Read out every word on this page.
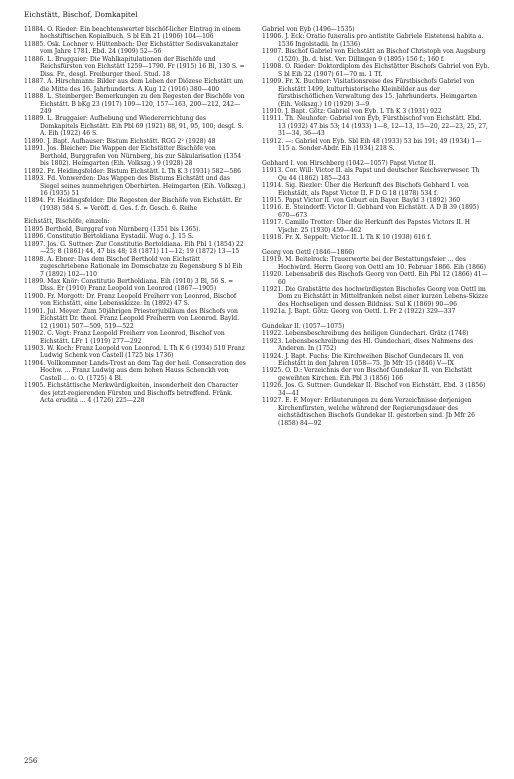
Eichstätt, Bischof, Domkapitel

11884. O. Rieder: Ein beachtenswerter bischöf-licher Eintrag in einem hochstiftischen Kopialbuch. S bl Eih 21 (1906) 104—106

11885. Osk. Lochner v. Hüttenbach: Der Eichstätter Sedisvakanztaler vom Jahre 1781. Ebd. 24 (1909) 52—56

11886. L. Bruggaier: Die Wahlkapitulationen der Bischöfe und Reichsfürsten von Eichstätt 1259—1790. Fr (1915) 16 Bl, 130 S. = Diss. Fr., desgl. Freiburger theol. Stud. 18

11887. A. Hirschmann: Bilder aus dem Leben der Diözese Eichstätt um die Mitte des 16. Jahrhunderts. A Kug 12 (1916) 380—400

11888. L. Steinberger: Bemerkungen zu den Regesten der Bischöfe von Eichstätt. B bKg 23 (1917) 109—120, 157—163, 200—212, 242—249

11889. L. Bruggaier: Aufhebung und Wiedererrichtung des Domkapitels Eichstätt. Eih Pbl 69 (1921) 88, 91, 95, 100; desgl. S. A. Eih (1922) 46 S.

11890. J. Bapt. Aufhauser: Bistum Eichstätt. RGG 2² (1928) 48

11891. Jos. Bleicher: Die Wappen der Eichstätter Bischöfe von Berthold, Burggrafen von Nürnberg, bis zur Säkularisation (1354 bis 1802). Heimgarten (Eih. Volkszg.) 9 (1928) 28

11892. Fr. Heidingsfelder: Bistum Eichstätt. L Th K 3 (1931) 582—586

11893. Fd. Vonwerden: Das Wappen des Bistums Eichstätt und das Siegel seines nunmehrigen Oberhirten. Heimgarten (Eih. Volkszg.) 16 (1935) 51

11894. Fr. Heidingsfelder: Die Regesten der Bischöfe von Eichstätt. Er (1938) 584 S. = Veröff. d. Ges. f. fr. Gesch. 6. Reihe

Eichstätt, Bischöfe, einzeln:

11895 Berthold, Burggraf von Nürnberg (1351 bis 1365).

11896. Constitutio Bertoldiana Eystadii. Wug o. J. 15 S.

11897. Jos. G. Suttner: Zur Constitutio Bertoldiana. Eih Pbl 1 (1854) 22—25; 8 (1861) 44, 47 bis 48; 18 (1871) 11—12; 19 (1872) 13—15

11898. A. Ebner: Das dem Bischof Berthold von Eichstätt zugeschriebene Rationale im Domschatze zu Regensburg S bl Eih 7 (1892) 102—110

11899. Max Knör: Constitutio Bertholdiana. Eih (1910) 3 Bl, 56 S. = Diss. Er (1910) Franz Leopold von Leonrod (1867—1905)

11900. Fr. Morgott: Dr. Franz Leopold Freiherr von Leonrod, Bischof von Eichstätt, eine Lebensskizze. In (1892) 47 S.

11901. Jul. Meyer: Zum 50jährigen Priesterjubiläum des Bischofs von Eichstätt Dr. theol. Franz Leopold Freiherrn von Leonrod. Bayld. 12 (1901) 507—509, 519—522

11902. C. Vogt: Franz Leopold Freiherr von Leonrod, Bischof von Eichstätt. LFr 1 (1919) 277—292

11903. W. Koch: Franz Leopold von Leonrod. L Th K 6 (1934) 510 Franz Ludwig Schenk von Castell (1725 bis 1736)

11904. Vollkommner Lands-Trost an dem Tag der heil. Consecration des Hochw. ... Franz Ludwig aus dem hohen Hauss Schenckh von Castell ... o. O. (1725) 4 Bl.

11905. Eichstättische Merkwürdigkeiten, insonderheit den Character des jetzt-regierenden Fürsten und Bischoffs betreffend. Fränk. Acta erudita ... 4 (1726) 225—228

Gabriel von Eyb (1496—1535)

11906. J. Eck: Oratio funeralis pro antistite Gabriele Eistetensi habita a. 1536 Ingolstadii. In (1536)

11907. Bischof Gabriel von Eichstätt an Bischof Christoph von Augsburg (1520). Jb. d. hist. Ver. Dillingen 9 (1895) 156 f.; 160 f.

11908. O. Rieder: Doktordiplom des Eichstätter Bischofs Gabriel von Eyb. S bl Eih 22 (1907) 61—70 m. 1 Tf.

11909. Fr. X. Buchner: Visitationsreise des Fürstbischofs Gabriel von Eichstätt 1499, kulturhistorische Kleinbilder aus der fürstbischöflichen Verwaltung des 15. Jahrhunderts. Heimgarten (Eih. Volkszg.) 10 (1929) 3—9

11910. J. Bapt. Götz: Gabriel von Eyb. L Th K 3 (1931) 922

11911. Th. Neuhofer: Gabriel von Eyb, Fürstbischof von Eichstätt. Ebd. 13 (1932) 47 bis 53; 14 (1933) 1—8, 12—13, 15—20, 22—23, 25, 27, 31—34, 36—43

11912. —: Gabriel von Eyb. Sbl Eih 48 (1933) 53 bis 191; 49 (1934) 1—115 a. Sonder-Abdr. Eih (1934) 218 S.

Gebhard I. von Hirschberg (1042—1057) Papst Victor II.

11913. Cor. Will: Victor II. als Papst und deutscher Reichsverweser. Th Qu 44 (1862) 185—243

11914. Sig. Riezler: Über die Herkunft des Bischofs Gebhard I. von Eichstädt, als Papst Victor II. F D G 18 (1878) 534 f.

11915. Papst Victor II. von Geburt ein Bayer. Bayld 3 (1892) 360

11916. E. Steindorff: Victor II. Gebhard von Eichstätt. A D B 39 (1895) 670—673

11917. Camillo Trotter: Über die Herkunft des Papstes Victors II. H Vjschr. 25 (1930) 459—462

11918. Fr. X. Seppelt: Victor II. L Th K 10 (1938) 616 f.

Georg von Oettl (1846—1866)

11919. M. Beitelrock: Trauerworte bei der Bestattungsfeier ... des Hochwürd. Herrn Georg von Oettl am 10. Februar 1866. Eih (1866)

11920. Lebensabriß des Bischofs Georg von Oettl. Eih Pbl 12 (1866) 41—60

11921. Die Grabstätte des hochwürdigsten Bischofes Georg von Oettl im Dom zu Eichstätt in Mittelfranken nebst einer kurzen Lebens-Skizze des Hochseligen und dessen Bildniss. Sul K (1869) 90—96

11921a. J. Bapt. Götz: Georg von Oettl. L Fr 2 (1922) 329—337

Gundekar II. (1057—1075)

11922. Lebensbeschreibung des heiligen Gundechari. Grätz (1748)

11923. Lebensbeschreibung des Hl. Gundechari, dises Nahmens des Anderen. In (1752)

11924. J. Bapt. Fuchs: Die Kirchweihen Bischof Gundecars II. von Eichstätt in den Jahren 1058—75. Jb Mfr 15 (1846) V—IX

11925. O. D.: Verzeichnis der von Bischof Gundekar II. von Eichstätt geweihten Kirchen. Eih Pbl 3 (1856) 166

11926. Jos. G. Suttner: Gundekar II. Bischof von Eichstätt. Ebd. 3 (1856) 34—41

11927. E. F. Moyer: Erläuterungen zu dem Verzeichnisse derjenigen Kirchenfürsten, welche während der Regierungsdauer des eichstädtischen Bischofs Gundekar II. gestorben sind. Jb Mfr 26 (1858) 84—92

256
